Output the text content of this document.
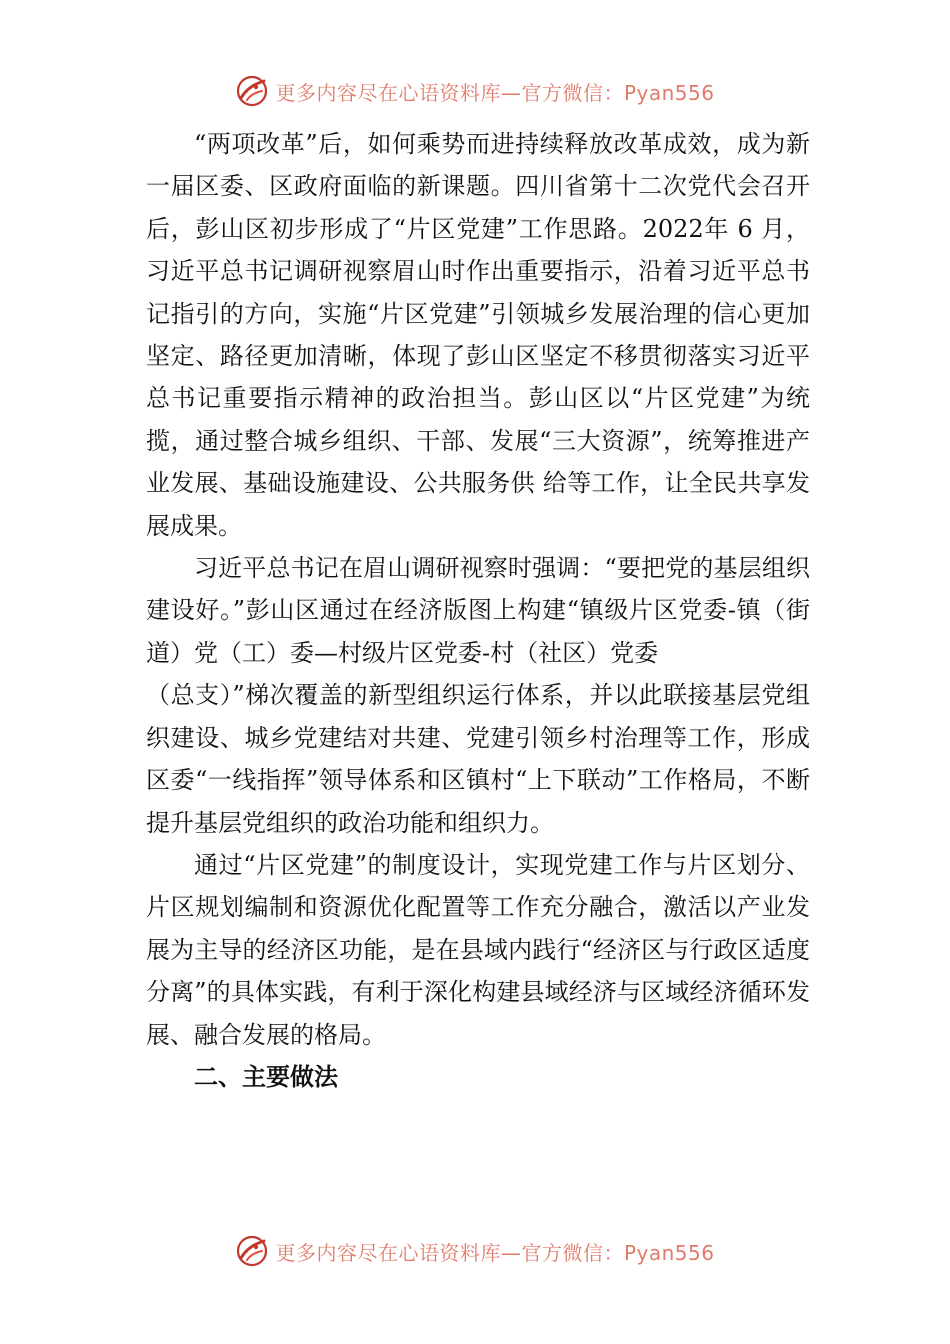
更多内容尽在心语资料库—官方微信：Pyan556

“两项改革”后，如何乘势而进持续释放改革成效，成为新一届区委、区政府面临的新课题。四川省第十二次党代会召开后，彭山区初步形成了“片区党建”工作思路。2022年 6 月，习近平总书记调研视察眉山时作出重要指示，沿着习近平总书记指引的方向，实施“片区党建”引领城乡发展治理的信心更加坚定、路径更加清晰，体现了彭山区坚定不移贯彻落实习近平总书记重要指示精神的政治担当。彭山区以“片区党建”为统揽，通过整合城乡组织、干部、发展“三大资源”，统筹推进产业发展、基础设施建设、公共服务供 给等工作，让全民共享发展成果。

习近平总书记在眉山调研视察时强调：“要把党的基层组织建设好。”彭山区通过在经济版图上构建“镇级片区党委-镇（街道）党（工）委—村级片区党委-村（社区）党委

（总支）”梯次覆盖的新型组织运行体系，并以此联接基层党组织建设、城乡党建结对共建、党建引领乡村治理等工作，形成区委“一线指挥”领导体系和区镇村“上下联动”工作格局，不断提升基层党组织的政治功能和组织力。

通过“片区党建”的制度设计，实现党建工作与片区划分、片区规划编制和资源优化配置等工作充分融合，激活以产业发展为主导的经济区功能，是在县域内践行“经济区与行政区适度分离”的具体实践，有利于深化构建县域经济与区域经济循环发展、融合发展的格局。

二、主要做法

更多内容尽在心语资料库—官方微信：Pyan556
